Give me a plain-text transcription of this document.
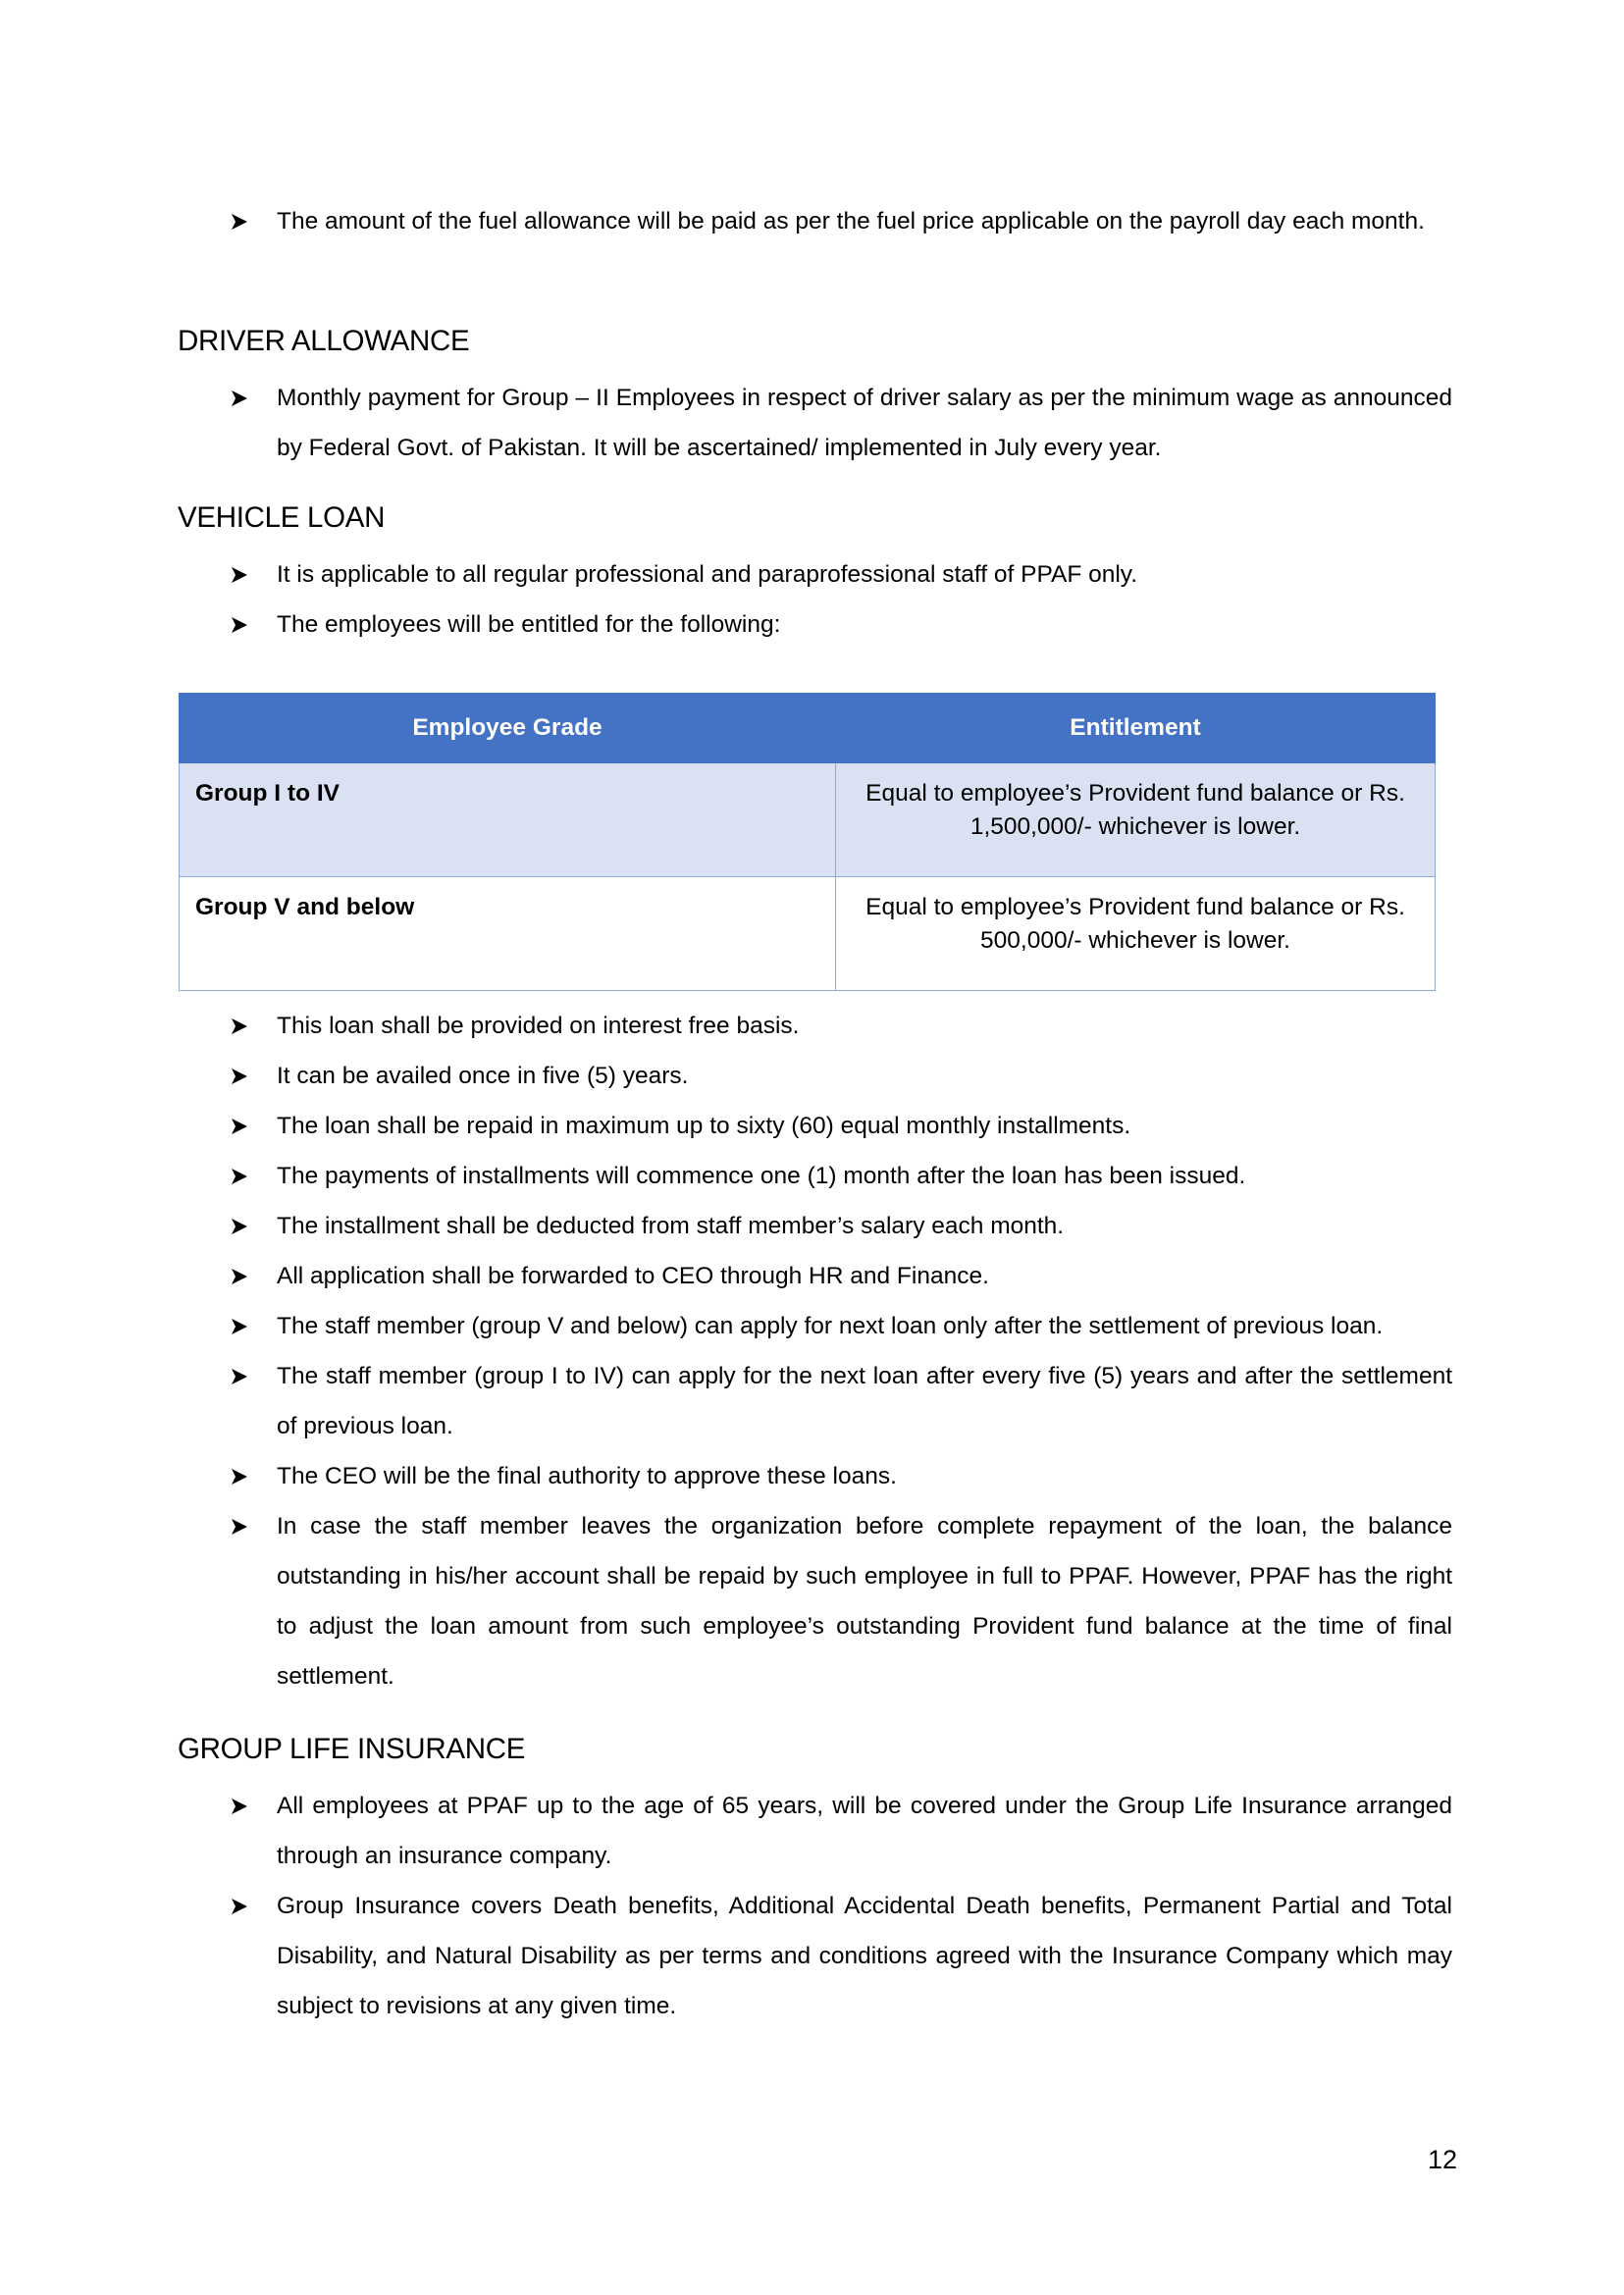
The amount of the fuel allowance will be paid as per the fuel price applicable on the payroll day each month.
DRIVER ALLOWANCE
Monthly payment for Group – II Employees in respect of driver salary as per the minimum wage as announced by Federal Govt. of Pakistan. It will be ascertained/ implemented in July every year.
VEHICLE LOAN
It is applicable to all regular professional and paraprofessional staff of PPAF only.
The employees will be entitled for the following:
Employee Grade	Entitlement
Group I to IV	Equal to employee’s Provident fund balance or Rs. 1,500,000/- whichever is lower.
Group V and below	Equal to employee’s Provident fund balance or Rs. 500,000/- whichever is lower.
This loan shall be provided on interest free basis.
It can be availed once in five (5) years.
The loan shall be repaid in maximum up to sixty (60) equal monthly installments.
The payments of installments will commence one (1) month after the loan has been issued.
The installment shall be deducted from staff member’s salary each month.
All application shall be forwarded to CEO through HR and Finance.
The staff member (group V and below) can apply for next loan only after the settlement of previous loan.
The staff member (group I to IV) can apply for the next loan after every five (5) years and after the settlement of previous loan.
The CEO will be the final authority to approve these loans.
In case the staff member leaves the organization before complete repayment of the loan, the balance outstanding in his/her account shall be repaid by such employee in full to PPAF. However, PPAF has the right to adjust the loan amount from such employee’s outstanding Provident fund balance at the time of final settlement.
GROUP LIFE INSURANCE
All employees at PPAF up to the age of 65 years, will be covered under the Group Life Insurance arranged through an insurance company.
Group Insurance covers Death benefits, Additional Accidental Death benefits, Permanent Partial and Total Disability, and Natural Disability as per terms and conditions agreed with the Insurance Company which may subject to revisions at any given time.
12
